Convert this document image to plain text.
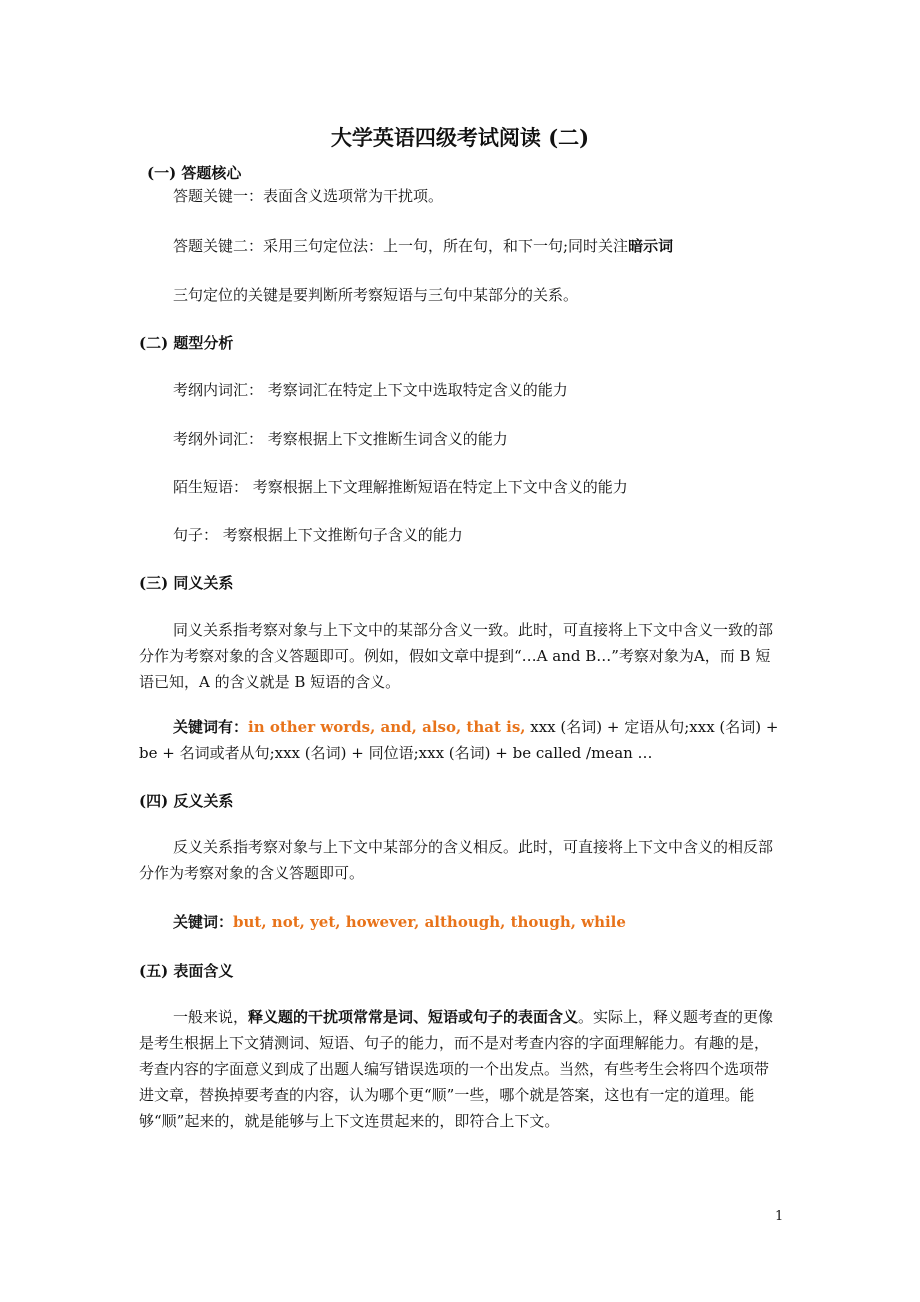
大学英语四级考试阅读 (二)
(一) 答题核心
答题关键一：表面含义选项常为干扰项。
答题关键二：采用三句定位法：上一句，所在句，和下一句;同时关注暗示词
三句定位的关键是要判断所考察短语与三句中某部分的关系。
(二) 题型分析
考纲内词汇： 考察词汇在特定上下文中选取特定含义的能力
考纲外词汇： 考察根据上下文推断生词含义的能力
陌生短语： 考察根据上下文理解推断短语在特定上下文中含义的能力
句子： 考察根据上下文推断句子含义的能力
(三) 同义关系
同义关系指考察对象与上下文中的某部分含义一致。此时，可直接将上下文中含义一致的部分作为考察对象的含义答题即可。例如，假如文章中提到“…A and B…”考察对象为A，而 B 短语已知，A 的含义就是 B 短语的含义。
关键词有：in other words, and, also, that is, xxx (名词) + 定语从句;xxx (名词) + be + 名词或者从句;xxx (名词) + 同位语;xxx (名词) + be called /mean …
(四) 反义关系
反义关系指考察对象与上下文中某部分的含义相反。此时，可直接将上下文中含义的相反部分作为考察对象的含义答题即可。
关键词：but, not, yet, however, although, though, while
(五) 表面含义
一般来说，释义题的干扰项常常是词、短语或句子的表面含义。实际上，释义题考查的更像是考生根据上下文猜测词、短语、句子的能力，而不是对考查内容的字面理解能力。有趣的是，考查内容的字面意义到成了出题人编写错误选项的一个出发点。当然，有些考生会将四个选项带进文章，替换掉要考查的内容，认为哪个更“顺”一些，哪个就是答案，这也有一定的道理。能够“顺”起来的，就是能够与上下文连贯起来的，即符合上下文。
1
